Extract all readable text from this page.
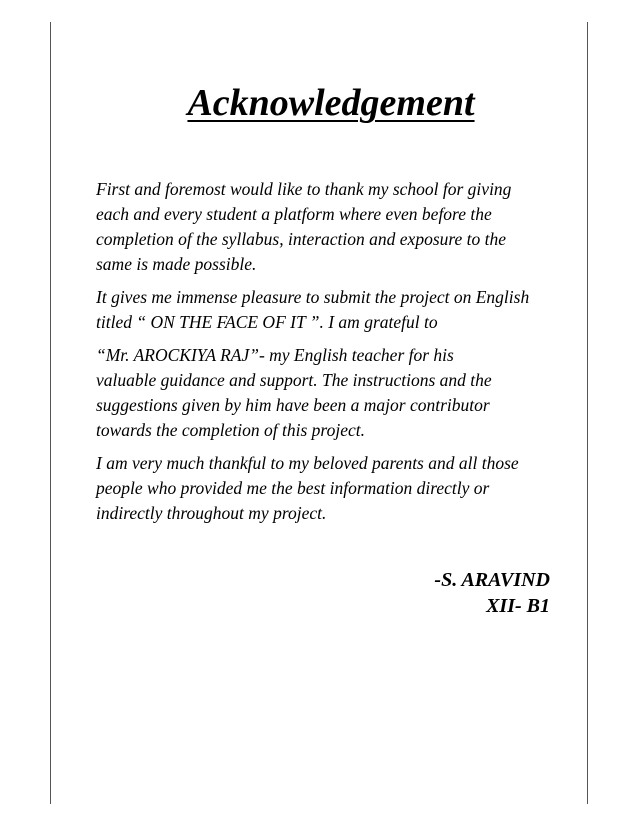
Acknowledgement

First and foremost would like to thank my school for giving
each and every student a platform where even before the
completion of the syllabus, interaction and exposure to the
same is made possible.

It gives me immense pleasure to submit the project on English
titled “ ON THE FACE OF IT ”. I am grateful to

“Mr. AROCKIYA RAJ”- my English teacher for his
valuable guidance and support. The instructions and the
suggestions given by him have been a major contributor
towards the completion of this project.

I am very much thankful to my beloved parents and all those
people who provided me the best information directly or
indirectly throughout my project.

-S. ARAVIND
XII- B1
